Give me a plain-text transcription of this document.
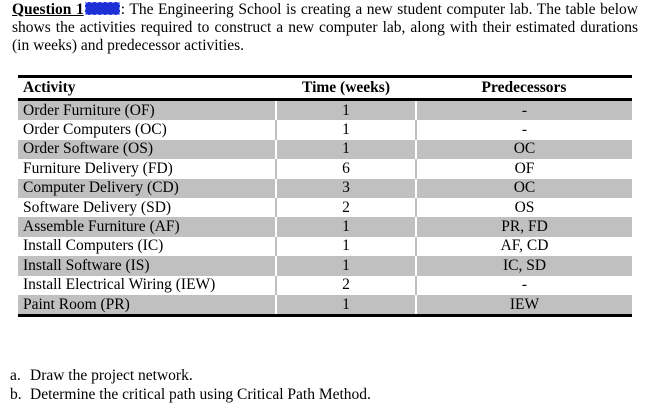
Question 1 : The Engineering School is creating a new student computer lab. The table below shows the activities required to construct a new computer lab, along with their estimated durations (in weeks) and predecessor activities.
Activity	Time (weeks)	Predecessors
Order Furniture (OF)	1	-
Order Computers (OC)	1	-
Order Software (OS)	1	OC
Furniture Delivery (FD)	6	OF
Computer Delivery (CD)	3	OC
Software Delivery (SD)	2	OS
Assemble Furniture (AF)	1	PR, FD
Install Computers (IC)	1	AF, CD
Install Software (IS)	1	IC, SD
Install Electrical Wiring (IEW)	2	-
Paint Room (PR)	1	IEW
a. Draw the project network.
b. Determine the critical path using Critical Path Method.
